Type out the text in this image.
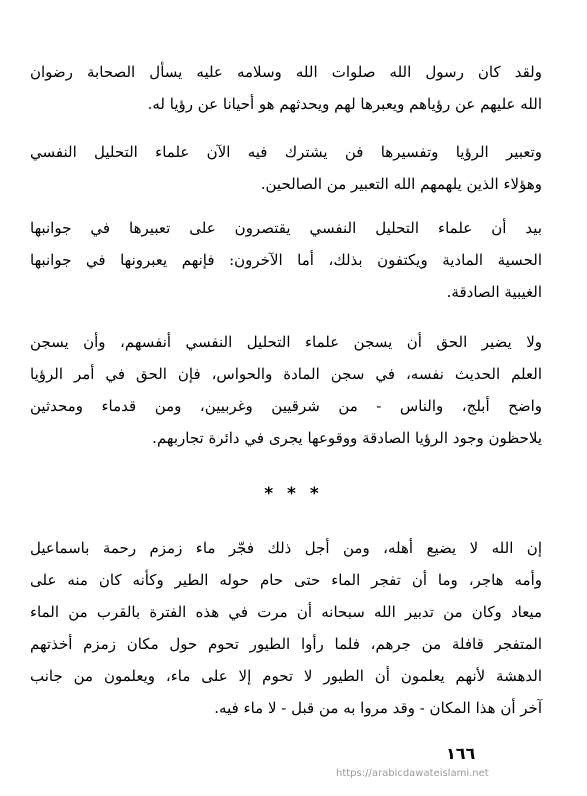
ولقد كان رسول الله صلوات الله وسلامه عليه يسأل الصحابة رضوان
الله عليهم عن رؤياهم ويعبرها لهم ويحدثهم هو أحيانا عن رؤيا له.
وتعبير الرؤيا وتفسيرها فن يشترك فيه الآن علماء التحليل النفسي
وهؤلاء الذين يلهمهم الله التعبير من الصالحين.
بيد أن علماء التحليل النفسي يقتصرون على تعبيرها في جوانبها
الحسية المادية ويكتفون بذلك، أما الآخرون: فإنهم يعبرونها في جوانبها
الغيبية الصادقة.
ولا يضير الحق أن يسجن علماء التحليل النفسي أنفسهم، وأن يسجن
العلم الحديث نفسه، في سجن المادة والحواس، فإن الحق في أمر الرؤيا
واضح أبلج، والناس - من شرقيين وغربيين، ومن قدماء ومحدثين
يلاحظون وجود الرؤيا الصادقة ووقوعها يجرى في دائرة تجاربهم.
* * *
إن الله لا يضيع أهله، ومن أجل ذلك فجّر ماء زمزم رحمة باسماعيل
وأمه هاجر، وما أن تفجر الماء حتى حام حوله الطير وكأنه كان منه على
ميعاد وكان من تدبير الله سبحانه أن مرت في هذه الفترة بالقرب من الماء
المتفجر قافلة من جرهم، فلما رأوا الطيور تحوم حول مكان زمزم أخذتهم
الدهشة لأنهم يعلمون أن الطيور لا تحوم إلا على ماء، ويعلمون من جانب
آخر أن هذا المكان - وقد مروا به من قبل - لا ماء فيه.
١٦٦
https://arabicdawateislami.net
